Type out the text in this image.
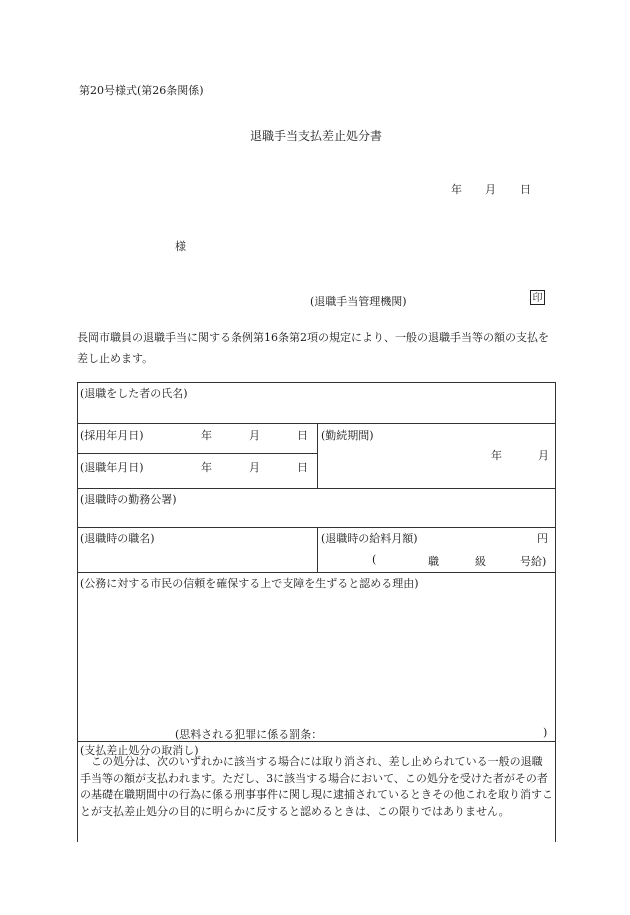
第20号様式(第26条関係)
退職手当支払差止処分書
年 月 日
様
(退職手当管理機関)	印
長岡市職員の退職手当に関する条例第16条第2項の規定により、一般の退職手当等の額の支払を差し止めます。
(退職をした者の氏名)
(採用年月日)	年	月	日
(退職年月日)	年	月	日
(勤続期間)
年	月
(退職時の勤務公署)
(退職時の職名)	(退職時の給料月額)	円
(	職	級	号給)
(公務に対する市民の信頼を確保する上で支障を生ずると認める理由)
(思料される犯罪に係る罰条：	)
(支払差止処分の取消し)
この処分は、次のいずれかに該当する場合には取り消され、差し止められている一般の退職手当等の額が支払われます。ただし、3に該当する場合において、この処分を受けた者がその者の基礎在職期間中の行為に係る刑事事件に関し現に逮捕されているときその他これを取り消すことが支払差止処分の目的に明らかに反すると認めるときは、この限りではありません。
